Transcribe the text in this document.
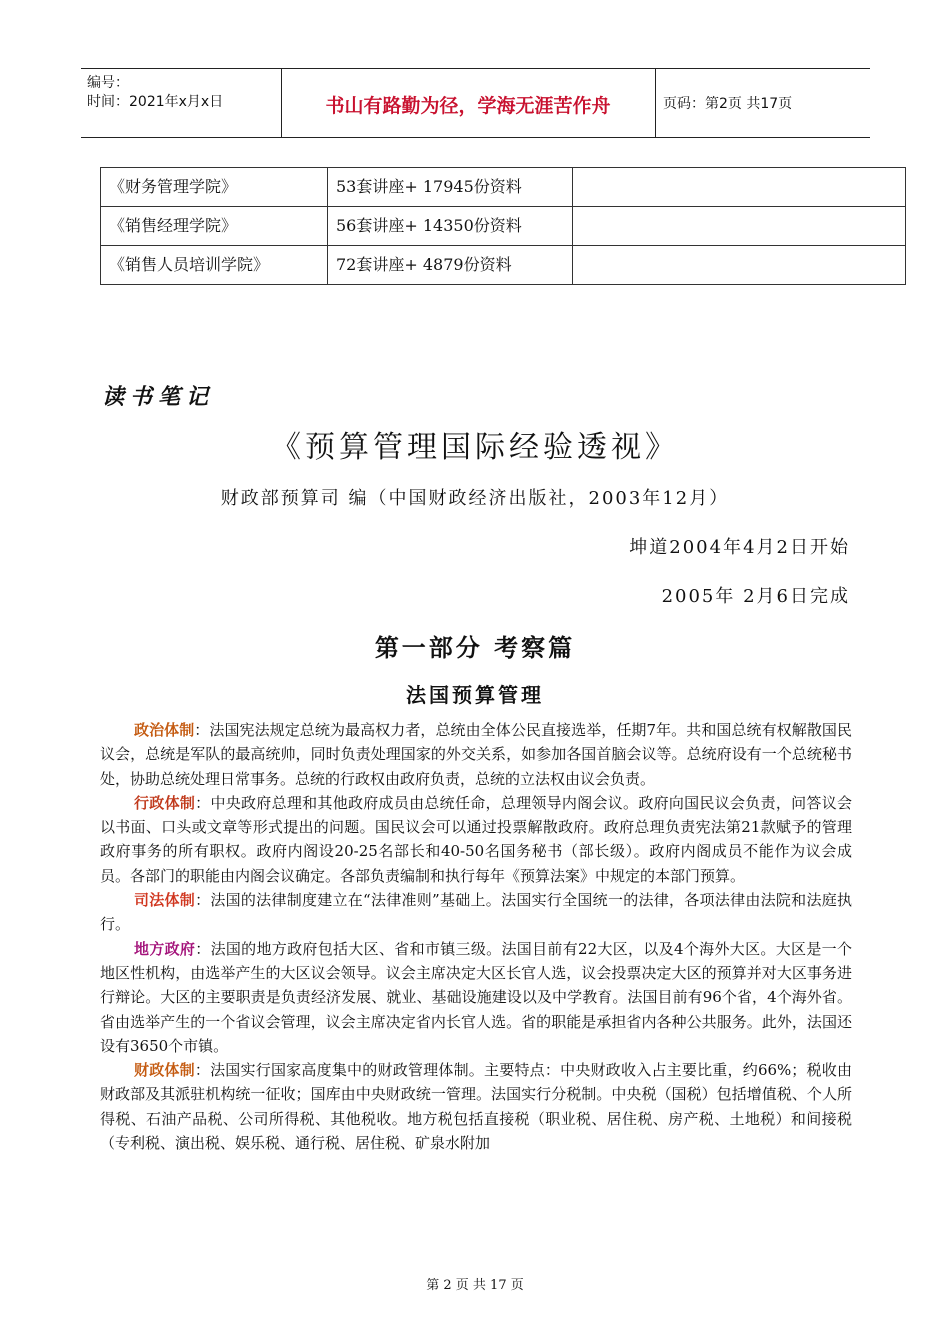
编号：
时间：2021年x月x日	书山有路勤为径，学海无涯苦作舟	页码：第2页 共17页
《财务管理学院》	53套讲座+ 17945份资料	
《销售经理学院》	56套讲座+ 14350份资料	
《销售人员培训学院》	72套讲座+ 4879份资料	
读书笔记
《预算管理国际经验透视》
财政部预算司 编（中国财政经济出版社，2003年12月）
坤道2004年4月2日开始
2005年 2月6日完成
第一部分 考察篇
法国预算管理

政治体制：法国宪法规定总统为最高权力者，总统由全体公民直接选举，任期7年。共和国总统有权解散国民议会，总统是军队的最高统帅，同时负责处理国家的外交关系，如参加各国首脑会议等。总统府设有一个总统秘书处，协助总统处理日常事务。总统的行政权由政府负责，总统的立法权由议会负责。

行政体制：中央政府总理和其他政府成员由总统任命，总理领导内阁会议。政府向国民议会负责，问答议会以书面、口头或文章等形式提出的问题。国民议会可以通过投票解散政府。政府总理负责宪法第21款赋予的管理政府事务的所有职权。政府内阁设20-25名部长和40-50名国务秘书（部长级）。政府内阁成员不能作为议会成员。各部门的职能由内阁会议确定。各部负责编制和执行每年《预算法案》中规定的本部门预算。

司法体制：法国的法律制度建立在“法律准则”基础上。法国实行全国统一的法律，各项法律由法院和法庭执行。

地方政府：法国的地方政府包括大区、省和市镇三级。法国目前有22大区，以及4个海外大区。大区是一个地区性机构，由选举产生的大区议会领导。议会主席决定大区长官人选，议会投票决定大区的预算并对大区事务进行辩论。大区的主要职责是负责经济发展、就业、基础设施建设以及中学教育。法国目前有96个省，4个海外省。省由选举产生的一个省议会管理，议会主席决定省内长官人选。省的职能是承担省内各种公共服务。此外，法国还设有3650个市镇。

财政体制：法国实行国家高度集中的财政管理体制。主要特点：中央财政收入占主要比重，约66%；税收由财政部及其派驻机构统一征收；国库由中央财政统一管理。法国实行分税制。中央税（国税）包括增值税、个人所得税、石油产品税、公司所得税、其他税收。地方税包括直接税（职业税、居住税、房产税、土地税）和间接税（专利税、演出税、娱乐税、通行税、居住税、矿泉水附加

第 2 页 共 17 页
